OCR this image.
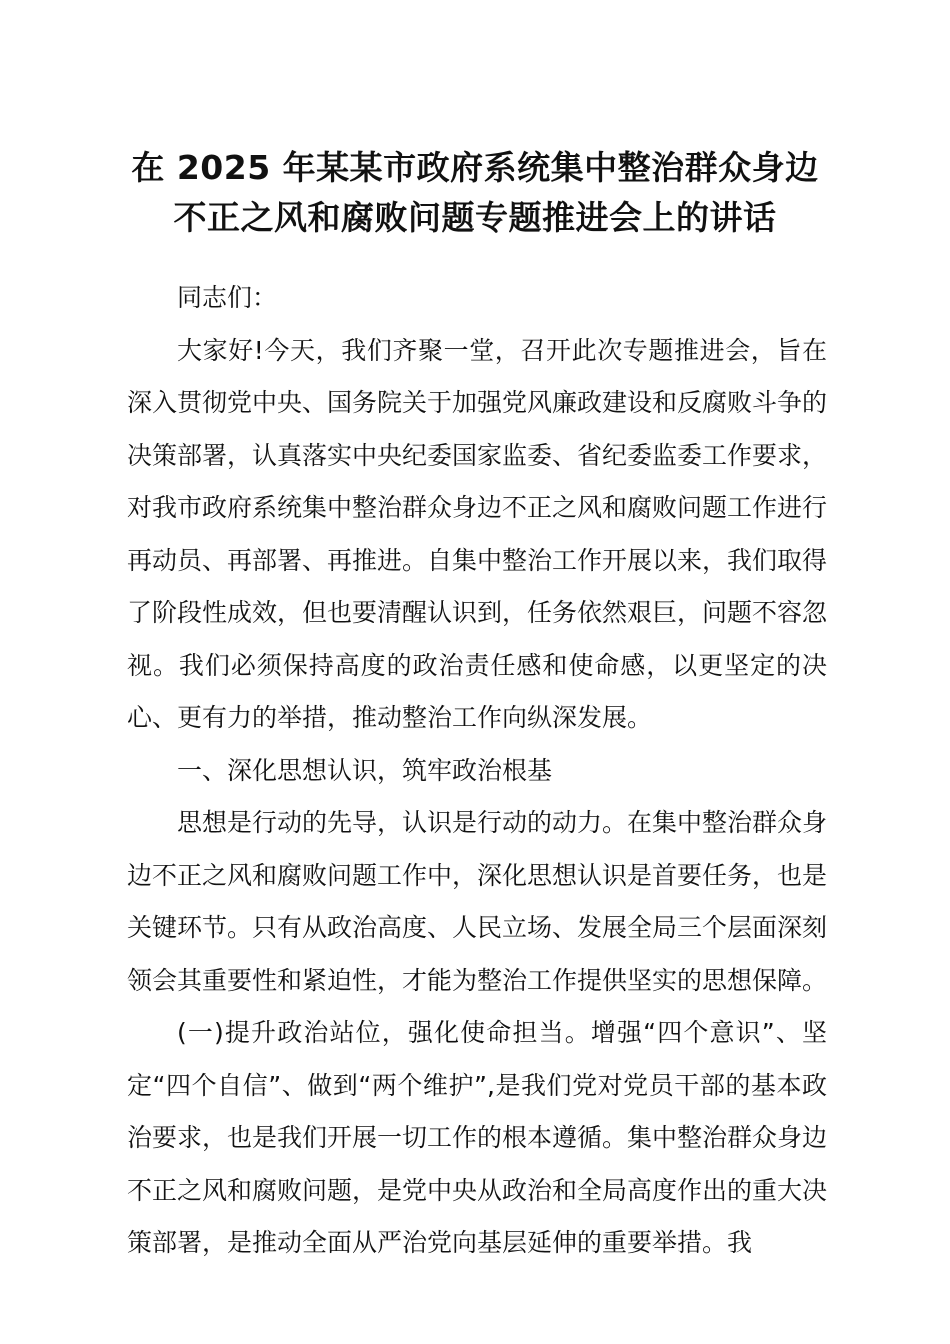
在 2025 年某某市政府系统集中整治群众身边
不正之风和腐败问题专题推进会上的讲话

同志们：

大家好!今天，我们齐聚一堂，召开此次专题推进会，旨在深入贯彻党中央、国务院关于加强党风廉政建设和反腐败斗争的决策部署，认真落实中央纪委国家监委、省纪委监委工作要求，对我市政府系统集中整治群众身边不正之风和腐败问题工作进行再动员、再部署、再推进。自集中整治工作开展以来，我们取得了阶段性成效，但也要清醒认识到，任务依然艰巨，问题不容忽视。我们必须保持高度的政治责任感和使命感，以更坚定的决心、更有力的举措，推动整治工作向纵深发展。

一、深化思想认识，筑牢政治根基

思想是行动的先导，认识是行动的动力。在集中整治群众身边不正之风和腐败问题工作中，深化思想认识是首要任务，也是关键环节。只有从政治高度、人民立场、发展全局三个层面深刻领会其重要性和紧迫性，才能为整治工作提供坚实的思想保障。

(一)提升政治站位，强化使命担当。增强“四个意识”、坚定“四个自信”、做到“两个维护”,是我们党对党员干部的基本政治要求，也是我们开展一切工作的根本遵循。集中整治群众身边不正之风和腐败问题，是党中央从政治和全局高度作出的重大决策部署，是推动全面从严治党向基层延伸的重要举措。我
